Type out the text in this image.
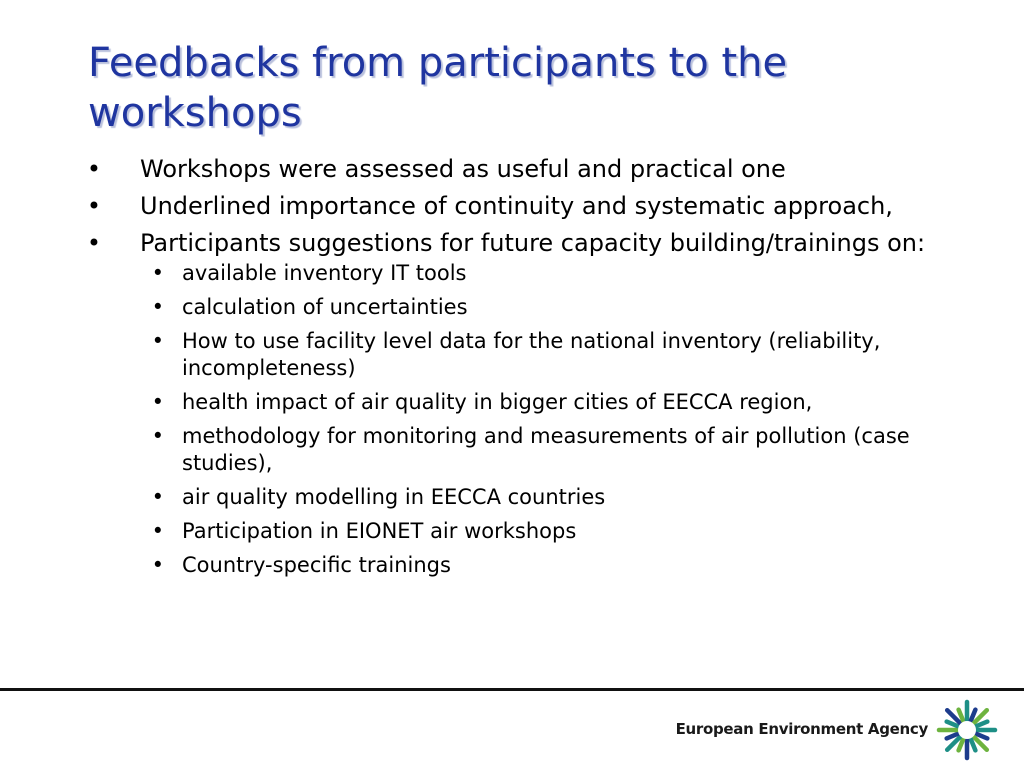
Feedbacks from participants to the workshops
• Workshops were assessed as useful and practical one
• Underlined importance of continuity and systematic approach,
• Participants suggestions for future capacity building/trainings on:
• available inventory IT tools
• calculation of uncertainties
• How to use facility level data for the national inventory (reliability, incompleteness)
• health impact of air quality in bigger cities of EECCA region,
• methodology for monitoring and measurements of air pollution (case studies),
• air quality modelling in EECCA countries
• Participation in EIONET air workshops
• Country-specific trainings
European Environment Agency
